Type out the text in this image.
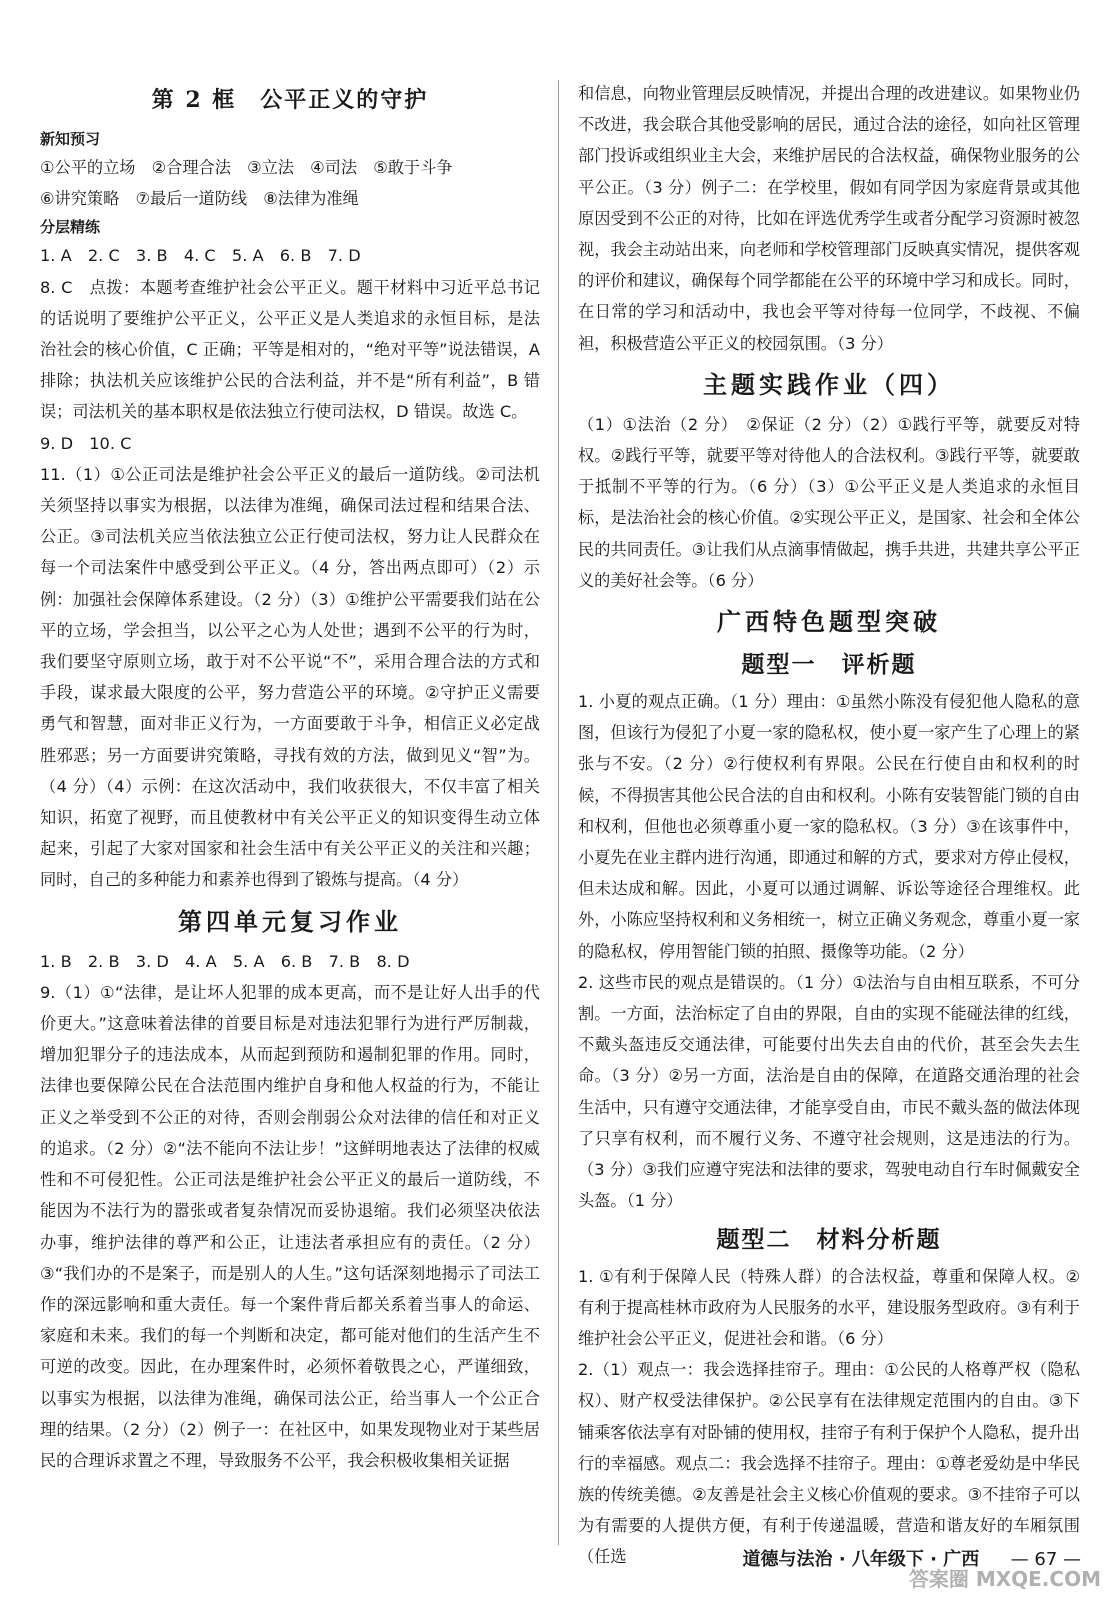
第 2 框　公平正义的守护
新知预习

①公平的立场　②合理合法　③立法　④司法　⑤敢于斗争

⑥讲究策略　⑦最后一道防线　⑧法律为准绳

分层精练

1. A　2. C　3. B　4. C　5. A　6. B　7. D

8. C　点拨：本题考查维护社会公平正义。题干材料中习近平总书记的话说明了要维护公平正义，公平正义是人类追求的永恒目标，是法治社会的核心价值，C 正确；平等是相对的，“绝对平等”说法错误，A 排除；执法机关应该维护公民的合法利益，并不是“所有利益”，B 错误；司法机关的基本职权是依法独立行使司法权，D 错误。故选 C。

9. D　10. C

11.（1）①公正司法是维护社会公平正义的最后一道防线。②司法机关须坚持以事实为根据，以法律为准绳，确保司法过程和结果合法、公正。③司法机关应当依法独立公正行使司法权，努力让人民群众在每一个司法案件中感受到公平正义。（4 分，答出两点即可）（2）示例：加强社会保障体系建设。（2 分）（3）①维护公平需要我们站在公平的立场，学会担当，以公平之心为人处世；遇到不公平的行为时，我们要坚守原则立场，敢于对不公平说“不”，采用合理合法的方式和手段，谋求最大限度的公平，努力营造公平的环境。②守护正义需要勇气和智慧，面对非正义行为，一方面要敢于斗争，相信正义必定战胜邪恶；另一方面要讲究策略，寻找有效的方法，做到见义“智”为。（4 分）（4）示例：在这次活动中，我们收获很大，不仅丰富了相关知识，拓宽了视野，而且使教材中有关公平正义的知识变得生动立体起来，引起了大家对国家和社会生活中有关公平正义的关注和兴趣；同时，自己的多种能力和素养也得到了锻炼与提高。（4 分）

第四单元复习作业

1. B　2. B　3. D　4. A　5. A　6. B　7. B　8. D

9.（1）①“法律，是让坏人犯罪的成本更高，而不是让好人出手的代价更大。”这意味着法律的首要目标是对违法犯罪行为进行严厉制裁，增加犯罪分子的违法成本，从而起到预防和遏制犯罪的作用。同时，法律也要保障公民在合法范围内维护自身和他人权益的行为，不能让正义之举受到不公正的对待，否则会削弱公众对法律的信任和对正义的追求。（2 分）②“法不能向不法让步！”这鲜明地表达了法律的权威性和不可侵犯性。公正司法是维护社会公平正义的最后一道防线，不能因为不法行为的嚣张或者复杂情况而妥协退缩。我们必须坚决依法办事，维护法律的尊严和公正，让违法者承担应有的责任。（2 分）③“我们办的不是案子，而是别人的人生。”这句话深刻地揭示了司法工作的深远影响和重大责任。每一个案件背后都关系着当事人的命运、家庭和未来。我们的每一个判断和决定，都可能对他们的生活产生不可逆的改变。因此，在办理案件时，必须怀着敬畏之心，严谨细致，以事实为根据，以法律为准绳，确保司法公正，给当事人一个公正合理的结果。（2 分）（2）例子一：在社区中，如果发现物业对于某些居民的合理诉求置之不理，导致服务不公平，我会积极收集相关证据

和信息，向物业管理层反映情况，并提出合理的改进建议。如果物业仍不改进，我会联合其他受影响的居民，通过合法的途径，如向社区管理部门投诉或组织业主大会，来维护居民的合法权益，确保物业服务的公平公正。（3 分）例子二：在学校里，假如有同学因为家庭背景或其他原因受到不公正的对待，比如在评选优秀学生或者分配学习资源时被忽视，我会主动站出来，向老师和学校管理部门反映真实情况，提供客观的评价和建议，确保每个同学都能在公平的环境中学习和成长。同时，在日常的学习和活动中，我也会平等对待每一位同学，不歧视、不偏袒，积极营造公平正义的校园氛围。（3 分）

主题实践作业（四）

（1）①法治（2 分）　②保证（2 分）（2）①践行平等，就要反对特权。②践行平等，就要平等对待他人的合法权利。③践行平等，就要敢于抵制不平等的行为。（6 分）（3）①公平正义是人类追求的永恒目标，是法治社会的核心价值。②实现公平正义，是国家、社会和全体公民的共同责任。③让我们从点滴事情做起，携手共进，共建共享公平正义的美好社会等。（6 分）

广西特色题型突破
题型一　评析题

1. 小夏的观点正确。（1 分）理由：①虽然小陈没有侵犯他人隐私的意图，但该行为侵犯了小夏一家的隐私权，使小夏一家产生了心理上的紧张与不安。（2 分）②行使权利有界限。公民在行使自由和权利的时候，不得损害其他公民合法的自由和权利。小陈有安装智能门锁的自由和权利，但他也必须尊重小夏一家的隐私权。（3 分）③在该事件中，小夏先在业主群内进行沟通，即通过和解的方式，要求对方停止侵权，但未达成和解。因此，小夏可以通过调解、诉讼等途径合理维权。此外，小陈应坚持权利和义务相统一，树立正确义务观念，尊重小夏一家的隐私权，停用智能门锁的拍照、摄像等功能。（2 分）

2. 这些市民的观点是错误的。（1 分）①法治与自由相互联系，不可分割。一方面，法治标定了自由的界限，自由的实现不能碰法律的红线，不戴头盔违反交通法律，可能要付出失去自由的代价，甚至会失去生命。（3 分）②另一方面，法治是自由的保障，在道路交通治理的社会生活中，只有遵守交通法律，才能享受自由，市民不戴头盔的做法体现了只享有权利，而不履行义务、不遵守社会规则，这是违法的行为。（3 分）③我们应遵守宪法和法律的要求，驾驶电动自行车时佩戴安全头盔。（1 分）

题型二　材料分析题

1. ①有利于保障人民（特殊人群）的合法权益，尊重和保障人权。②有利于提高桂林市政府为人民服务的水平，建设服务型政府。③有利于维护社会公平正义，促进社会和谐。（6 分）

2.（1）观点一：我会选择挂帘子。理由：①公民的人格尊严权（隐私权）、财产权受法律保护。②公民享有在法律规定范围内的自由。③下铺乘客依法享有对卧铺的使用权，挂帘子有利于保护个人隐私，提升出行的幸福感。观点二：我会选择不挂帘子。理由：①尊老爱幼是中华民族的传统美德。②友善是社会主义核心价值观的要求。③不挂帘子可以为有需要的人提供方便，有利于传递温暖，营造和谐友好的车厢氛围（任选	道德与法治 · 八年级下 · 广西 — 67 —
答案圈 MXQE.COM
